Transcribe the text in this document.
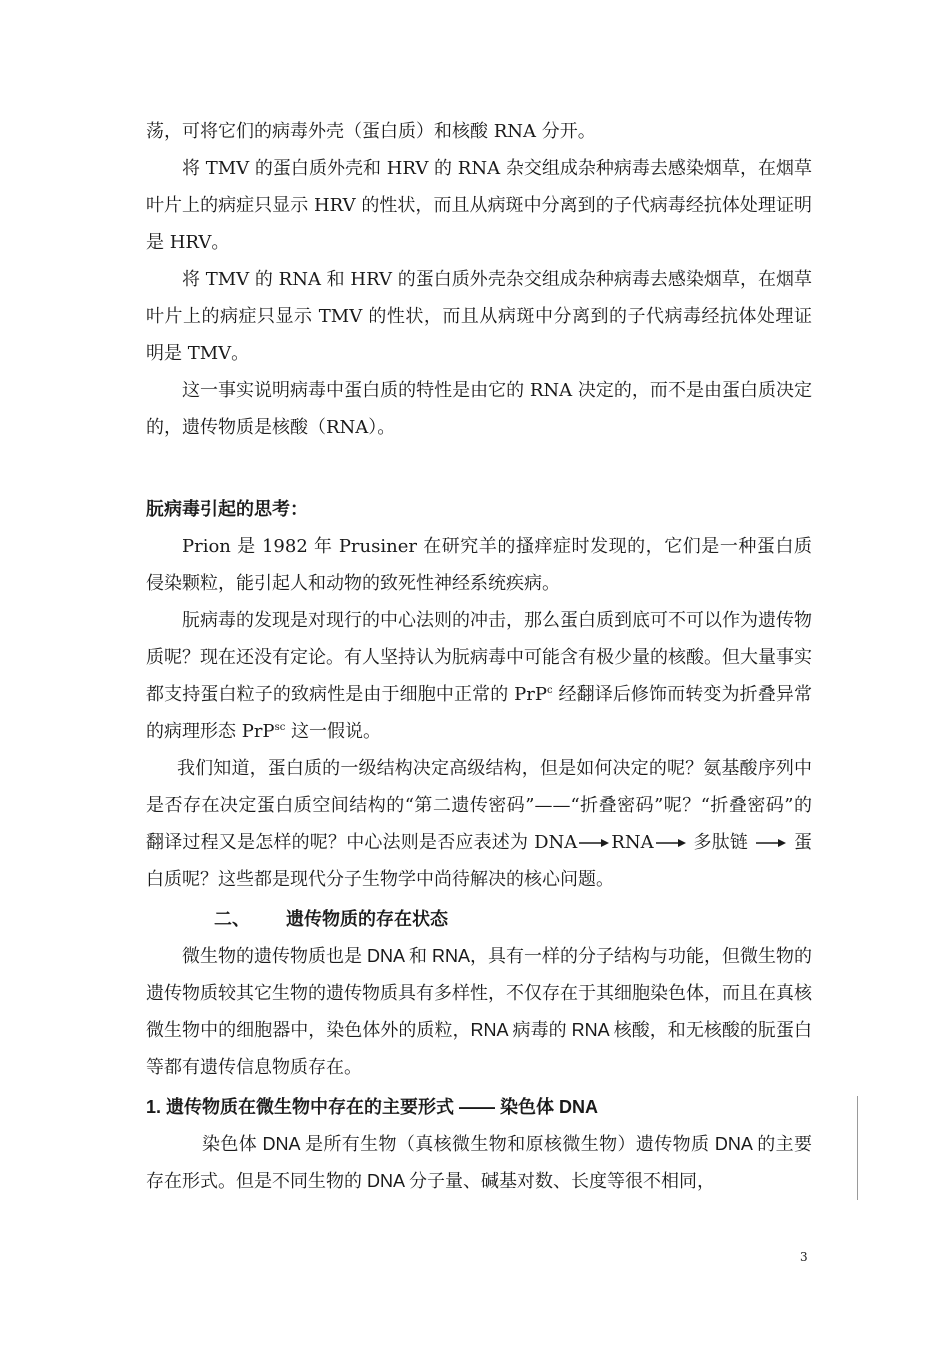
荡，可将它们的病毒外壳（蛋白质）和核酸 RNA 分开。

将 TMV 的蛋白质外壳和 HRV 的 RNA 杂交组成杂种病毒去感染烟草，在烟草叶片上的病症只显示 HRV 的性状，而且从病斑中分离到的子代病毒经抗体处理证明是 HRV。

将 TMV 的 RNA 和 HRV 的蛋白质外壳杂交组成杂种病毒去感染烟草，在烟草叶片上的病症只显示 TMV 的性状，而且从病斑中分离到的子代病毒经抗体处理证明是 TMV。

这一事实说明病毒中蛋白质的特性是由它的 RNA 决定的，而不是由蛋白质决定的，遗传物质是核酸（RNA）。

朊病毒引起的思考：

Prion 是 1982 年 Prusiner 在研究羊的搔痒症时发现的，它们是一种蛋白质侵染颗粒，能引起人和动物的致死性神经系统疾病。

朊病毒的发现是对现行的中心法则的冲击，那么蛋白质到底可不可以作为遗传物质呢？现在还没有定论。有人坚持认为朊病毒中可能含有极少量的核酸。但大量事实都支持蛋白粒子的致病性是由于细胞中正常的 PrP$^c$ 经翻译后修饰而转变为折叠异常的病理形态 PrP$^{sc}$ 这一假说。

我们知道，蛋白质的一级结构决定高级结构，但是如何决定的呢？氨基酸序列中是否存在决定蛋白质空间结构的“第二遗传密码”——“折叠密码”呢？“折叠密码”的翻译过程又是怎样的呢？中心法则是否应表述为 DNA RNA
多肽链
蛋白质呢？这些都是现代分子生物学中尚待解决的核心问题。

二、 遗传物质的存在状态

微生物的遗传物质也是 DNA 和 RNA，具有一样的分子结构与功能，但微生物的遗传物质较其它生物的遗传物质具有多样性，不仅存在于其细胞染色体，而且在真核微生物中的细胞器中，染色体外的质粒，RNA 病毒的 RNA 核酸，和无核酸的朊蛋白等都有遗传信息物质存在。

1. 遗传物质在微生物中存在的主要形式 —— 染色体 DNA

染色体 DNA 是所有生物（真核微生物和原核微生物）遗传物质 DNA 的主要存在形式。但是不同生物的 DNA 分子量、碱基对数、长度等很不相同，

3
